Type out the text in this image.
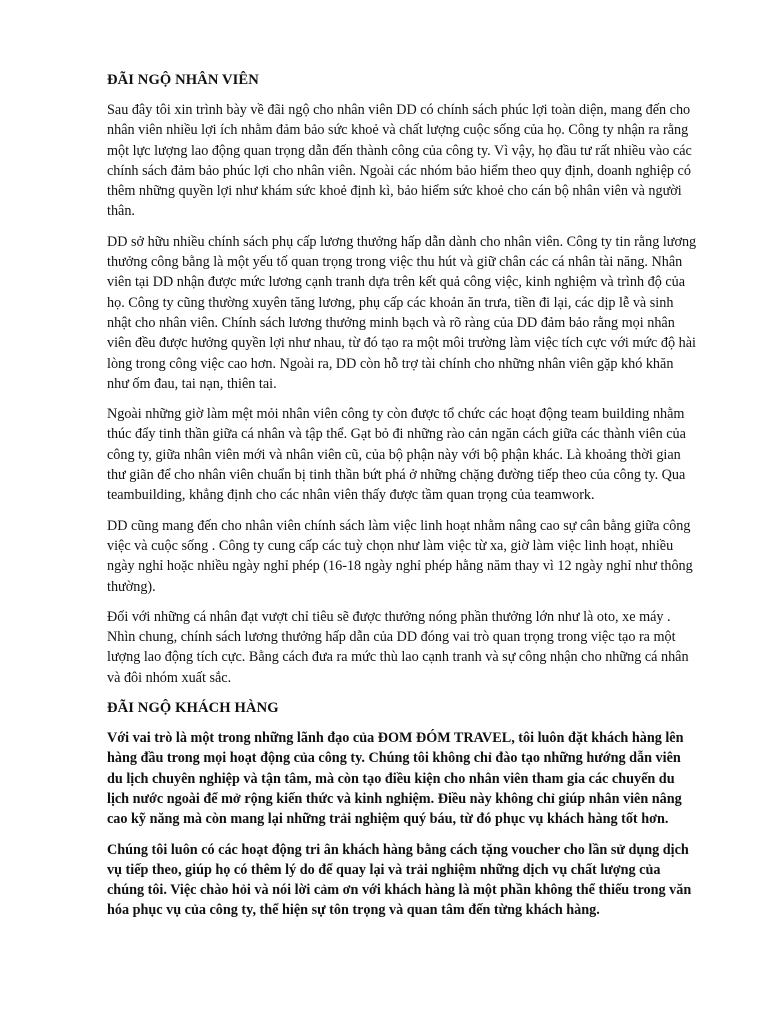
ĐÃI NGỘ NHÂN VIÊN

Sau đây tôi xin trình bày về đãi ngộ cho nhân viên DD có chính sách phúc lợi toàn diện, mang đến cho nhân viên nhiều lợi ích nhằm đảm bảo sức khoẻ và chất lượng cuộc sống của họ. Công ty nhận ra rằng một lực lượng lao động quan trọng dẫn đến thành công của công ty. Vì vậy, họ đầu tư rất nhiều vào các chính sách đảm bảo phúc lợi cho nhân viên. Ngoài các nhóm bảo hiểm theo quy định, doanh nghiệp có thêm những quyền lợi như khám sức khoẻ định kì, bảo hiểm sức khoẻ cho cán bộ nhân viên và người thân.

DD sở hữu nhiều chính sách phụ cấp lương thưởng hấp dẫn dành cho nhân viên. Công ty tin rằng lương thưởng công bằng là một yếu tố quan trọng trong việc thu hút và giữ chân các cá nhân tài năng. Nhân viên tại DD nhận được mức lương cạnh tranh dựa trên kết quả công việc, kinh nghiệm và trình độ của họ. Công ty cũng thường xuyên tăng lương, phụ cấp các khoản ăn trưa, tiền đi lại, các dịp lễ và sinh nhật cho nhân viên. Chính sách lương thưởng minh bạch và rõ ràng của DD đảm bảo rằng mọi nhân viên đều được hưởng quyền lợi như nhau, từ đó tạo ra một môi trường làm việc tích cực với mức độ hài lòng trong công việc cao hơn. Ngoài ra, DD còn hỗ trợ tài chính cho những nhân viên gặp khó khăn như ốm đau, tai nạn, thiên tai.

Ngoài những giờ làm mệt mỏi nhân viên công ty còn được tổ chức các hoạt động team building nhằm thúc đẩy tinh thần giữa cá nhân và tập thể. Gạt bỏ đi những rào cản ngăn cách giữa các thành viên của công ty, giữa nhân viên mới và nhân viên cũ, của bộ phận này với bộ phận khác. Là khoảng thời gian thư giãn để cho nhân viên chuẩn bị tinh thần bứt phá ở những chặng đường tiếp theo của công ty. Qua teambuilding, khẳng định cho các nhân viên thấy được tầm quan trọng của teamwork.

DD cũng mang đến cho nhân viên chính sách làm việc linh hoạt nhằm nâng cao sự cân bằng giữa công việc và cuộc sống . Công ty cung cấp các tuỳ chọn như làm việc từ xa, giờ làm việc linh hoạt, nhiều ngày nghỉ hoặc nhiều ngày nghỉ phép (16-18 ngày nghỉ phép hằng năm thay vì 12 ngày nghỉ như thông thường).

Đối với những cá nhân đạt vượt chỉ tiêu sẽ được thưởng nóng phần thưởng lớn như là oto, xe máy . Nhìn chung, chính sách lương thưởng hấp dẫn của DD đóng vai trò quan trọng trong việc tạo ra một lượng lao động tích cực. Bằng cách đưa ra mức thù lao cạnh tranh và sự công nhận cho những cá nhân và đôi nhóm xuất sắc.

ĐÃI NGỘ KHÁCH HÀNG

Với vai trò là một trong những lãnh đạo của ĐOM ĐÓM TRAVEL, tôi luôn đặt khách hàng lên hàng đầu trong mọi hoạt động của công ty. Chúng tôi không chỉ đào tạo những hướng dẫn viên du lịch chuyên nghiệp và tận tâm, mà còn tạo điều kiện cho nhân viên tham gia các chuyến du lịch nước ngoài để mở rộng kiến thức và kinh nghiệm. Điều này không chỉ giúp nhân viên nâng cao kỹ năng mà còn mang lại những trải nghiệm quý báu, từ đó phục vụ khách hàng tốt hơn.

Chúng tôi luôn có các hoạt động tri ân khách hàng bằng cách tặng voucher cho lần sử dụng dịch vụ tiếp theo, giúp họ có thêm lý do để quay lại và trải nghiệm những dịch vụ chất lượng của chúng tôi. Việc chào hỏi và nói lời cảm ơn với khách hàng là một phần không thể thiếu trong văn hóa phục vụ của công ty, thể hiện sự tôn trọng và quan tâm đến từng khách hàng.
